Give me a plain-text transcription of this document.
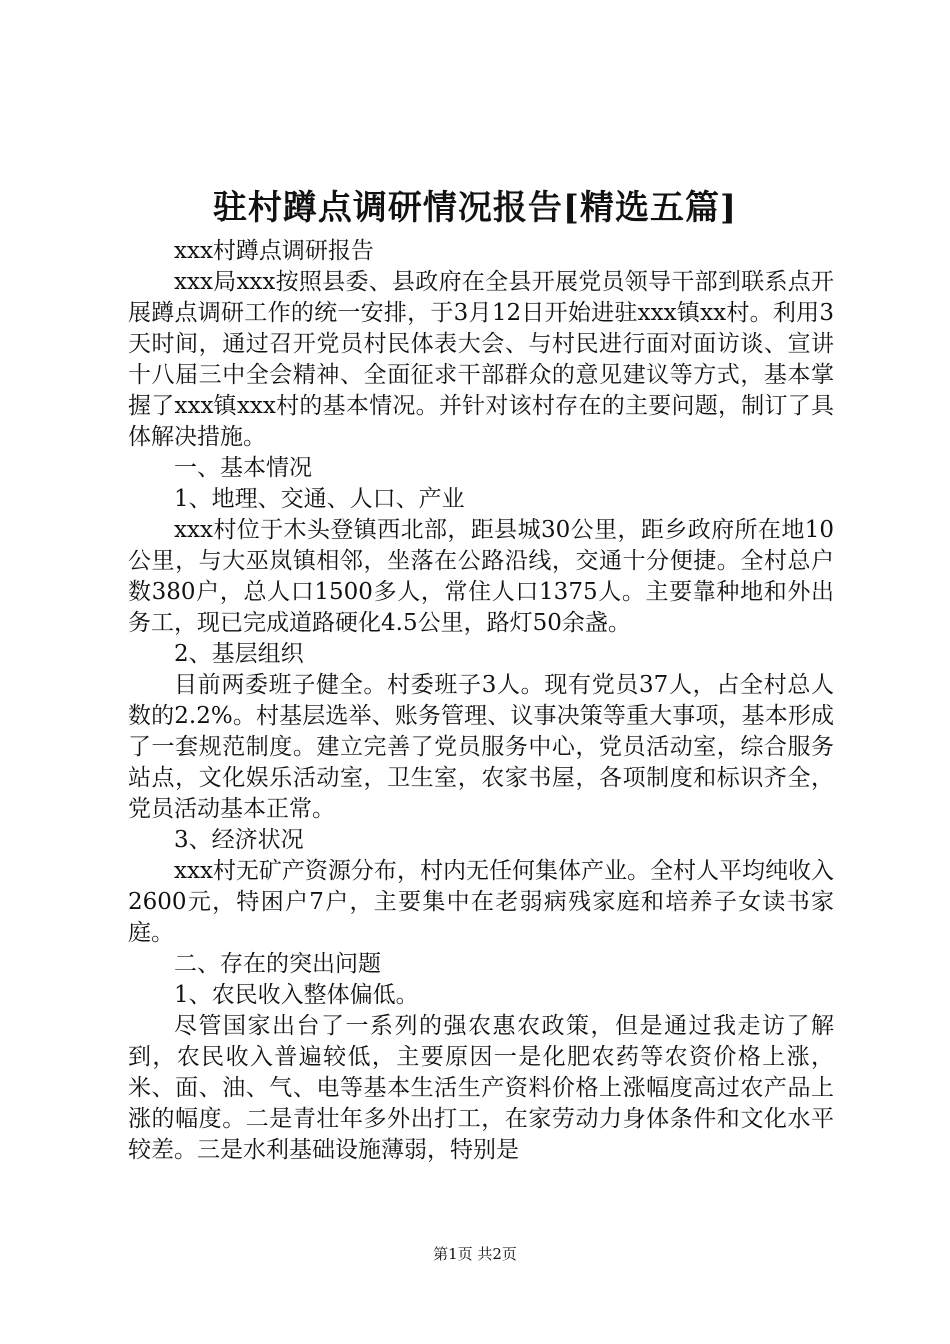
驻村蹲点调研情况报告[精选五篇]

xxx村蹲点调研报告

xxx局xxx按照县委、县政府在全县开展党员领导干部到联系点开展蹲点调研工作的统一安排，于3月12日开始进驻xxx镇xx村。利用3天时间，通过召开党员村民体表大会、与村民进行面对面访谈、宣讲十八届三中全会精神、全面征求干部群众的意见建议等方式，基本掌握了xxx镇xxx村的基本情况。并针对该村存在的主要问题，制订了具体解决措施。

一、基本情况

1、地理、交通、人口、产业

xxx村位于木头登镇西北部，距县城30公里，距乡政府所在地10公里，与大巫岚镇相邻，坐落在公路沿线，交通十分便捷。全村总户数380户，总人口1500多人，常住人口1375人。主要靠种地和外出务工，现已完成道路硬化4.5公里，路灯50余盏。

2、基层组织

目前两委班子健全。村委班子3人。现有党员37人，占全村总人数的2.2%。村基层选举、账务管理、议事决策等重大事项，基本形成了一套规范制度。建立完善了党员服务中心，党员活动室，综合服务站点，文化娱乐活动室，卫生室，农家书屋，各项制度和标识齐全，党员活动基本正常。

3、经济状况

xxx村无矿产资源分布，村内无任何集体产业。全村人平均纯收入2600元，特困户7户，主要集中在老弱病残家庭和培养子女读书家庭。

二、存在的突出问题

1、农民收入整体偏低。

尽管国家出台了一系列的强农惠农政策，但是通过我走访了解到，农民收入普遍较低，主要原因一是化肥农药等农资价格上涨，米、面、油、气、电等基本生活生产资料价格上涨幅度高过农产品上涨的幅度。二是青壮年多外出打工，在家劳动力身体条件和文化水平较差。三是水利基础设施薄弱，特别是

第1页 共2页
